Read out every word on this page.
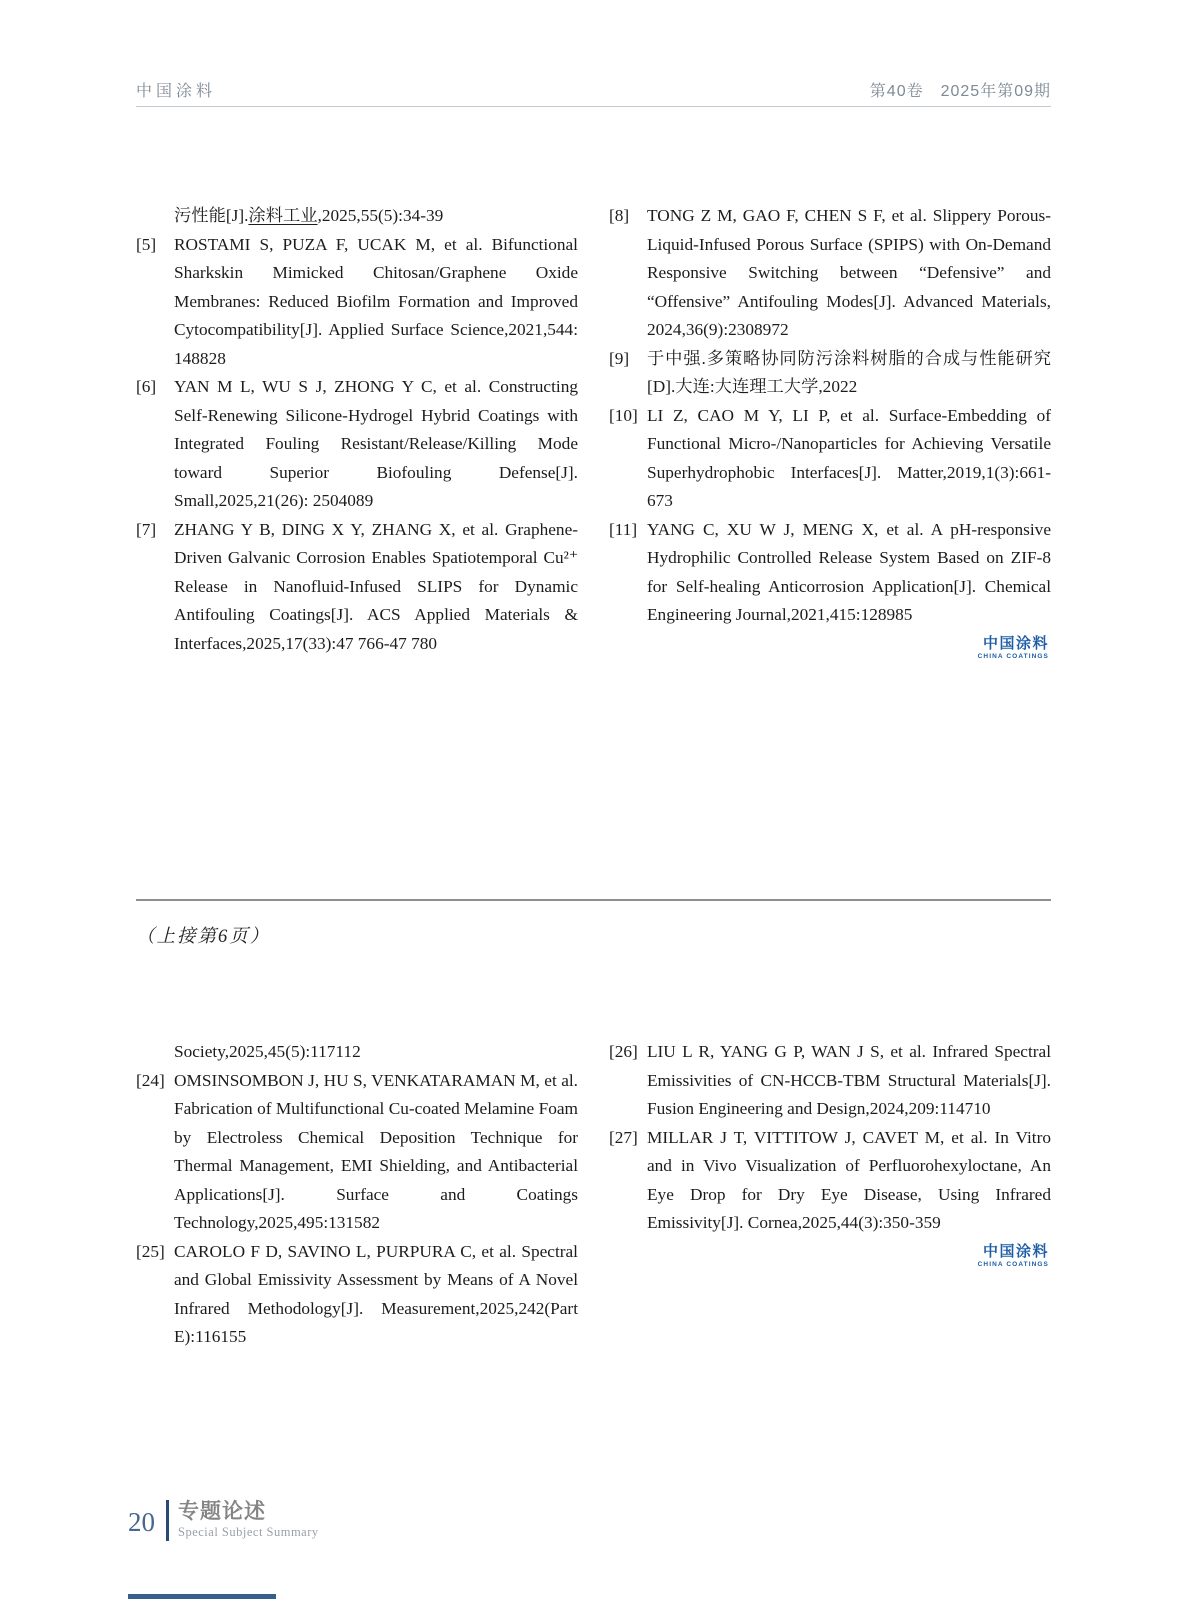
中国涂料	第40卷　2025年第09期
污性能[J].涂料工业,2025,55(5):34-39
[5] ROSTAMI S, PUZA F, UCAK M, et al. Bifunctional Sharkskin Mimicked Chitosan/Graphene Oxide Membranes: Reduced Biofilm Formation and Improved Cytocompatibility[J]. Applied Surface Science,2021,544: 148828
[6] YAN M L, WU S J, ZHONG Y C, et al. Constructing Self-Renewing Silicone-Hydrogel Hybrid Coatings with Integrated Fouling Resistant/Release/Killing Mode toward Superior Biofouling Defense[J]. Small,2025,21(26): 2504089
[7] ZHANG Y B, DING X Y, ZHANG X, et al. Graphene-Driven Galvanic Corrosion Enables Spatiotemporal Cu²⁺ Release in Nanofluid-Infused SLIPS for Dynamic Antifouling Coatings[J]. ACS Applied Materials & Interfaces,2025,17(33):47 766-47 780
[8] TONG Z M, GAO F, CHEN S F, et al. Slippery Porous-Liquid-Infused Porous Surface (SPIPS) with On-Demand Responsive Switching between “Defensive” and “Offensive” Antifouling Modes[J]. Advanced Materials, 2024,36(9):2308972
[9] 于中强.多策略协同防污涂料树脂的合成与性能研究[D].大连:大连理工大学,2022
[10] LI Z, CAO M Y, LI P, et al. Surface-Embedding of Functional Micro-/Nanoparticles for Achieving Versatile Superhydrophobic Interfaces[J]. Matter,2019,1(3):661-673
[11] YANG C, XU W J, MENG X, et al. A pH-responsive Hydrophilic Controlled Release System Based on ZIF-8 for Self-healing Anticorrosion Application[J]. Chemical Engineering Journal,2021,415:128985
中国涂料
CHINA COATINGS
（上接第6页）
Society,2025,45(5):117112
[24] OMSINSOMBON J, HU S, VENKATARAMAN M, et al. Fabrication of Multifunctional Cu-coated Melamine Foam by Electroless Chemical Deposition Technique for Thermal Management, EMI Shielding, and Antibacterial Applications[J]. Surface and Coatings Technology,2025,495:131582
[25] CAROLO F D, SAVINO L, PURPURA C, et al. Spectral and Global Emissivity Assessment by Means of A Novel Infrared Methodology[J]. Measurement,2025,242(Part E):116155
[26] LIU L R, YANG G P, WAN J S, et al. Infrared Spectral Emissivities of CN-HCCB-TBM Structural Materials[J]. Fusion Engineering and Design,2024,209:114710
[27] MILLAR J T, VITTITOW J, CAVET M, et al. In Vitro and in Vivo Visualization of Perfluorohexyloctane, An Eye Drop for Dry Eye Disease, Using Infrared Emissivity[J]. Cornea,2025,44(3):350-359
中国涂料
CHINA COATINGS
20 专题论述
Special Subject Summary
